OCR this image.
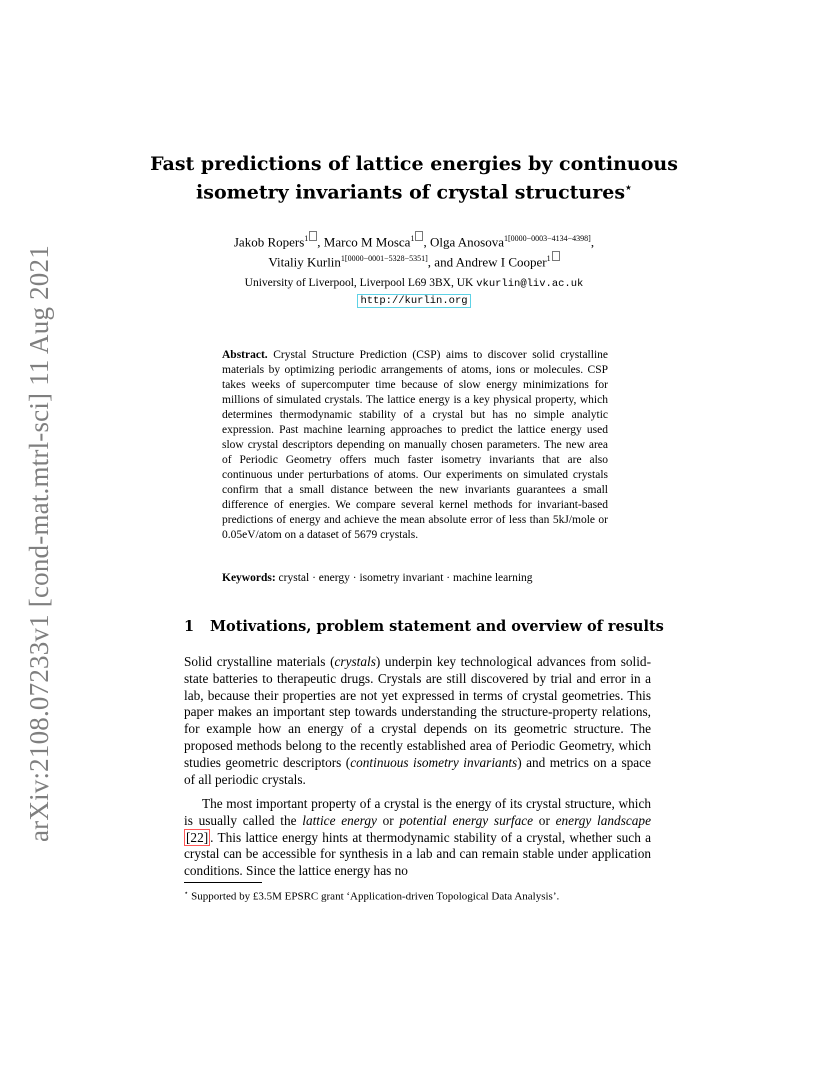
arXiv:2108.07233v1 [cond-mat.mtrl-sci] 11 Aug 2021
Fast predictions of lattice energies by continuous
isometry invariants of crystal structures⋆
Jakob Ropers$^1$ , Marco M Mosca$^1$ , Olga Anosova$^{1[0000-0003-4134-4398]}$,
Vitaliy Kurlin$^{1[0000-0001-5328-5351]}$, and Andrew I Cooper$^1$
University of Liverpool, Liverpool L69 3BX, UK vkurlin@liv.ac.uk
http://kurlin.org
Abstract. Crystal Structure Prediction (CSP) aims to discover solid crystalline materials by optimizing periodic arrangements of atoms, ions or molecules. CSP takes weeks of supercomputer time because of slow energy minimizations for millions of simulated crystals. The lattice energy is a key physical property, which determines thermodynamic stability of a crystal but has no simple analytic expression. Past machine learning approaches to predict the lattice energy used slow crystal descriptors depending on manually chosen parameters. The new area of Periodic Geometry offers much faster isometry invariants that are also continuous under perturbations of atoms. Our experiments on simulated crystals confirm that a small distance between the new invariants guarantees a small difference of energies. We compare several kernel methods for invariant-based predictions of energy and achieve the mean absolute error of less than 5kJ/mole or 0.05eV/atom on a dataset of 5679 crystals.
Keywords: crystal · energy · isometry invariant · machine learning
1 Motivations, problem statement and overview of results
Solid crystalline materials (crystals) underpin key technological advances from solid-state batteries to therapeutic drugs. Crystals are still discovered by trial and error in a lab, because their properties are not yet expressed in terms of crystal geometries. This paper makes an important step towards understanding the structure-property relations, for example how an energy of a crystal depends on its geometric structure. The proposed methods belong to the recently established area of Periodic Geometry, which studies geometric descriptors (continuous isometry invariants) and metrics on a space of all periodic crystals.
The most important property of a crystal is the energy of its crystal structure, which is usually called the lattice energy or potential energy surface or energy landscape [22] . This lattice energy hints at thermodynamic stability of a crystal, whether such a crystal can be accessible for synthesis in a lab and can remain stable under application conditions. Since the lattice energy has no
⋆ Supported by £3.5M EPSRC grant ‘Application-driven Topological Data Analysis’.
